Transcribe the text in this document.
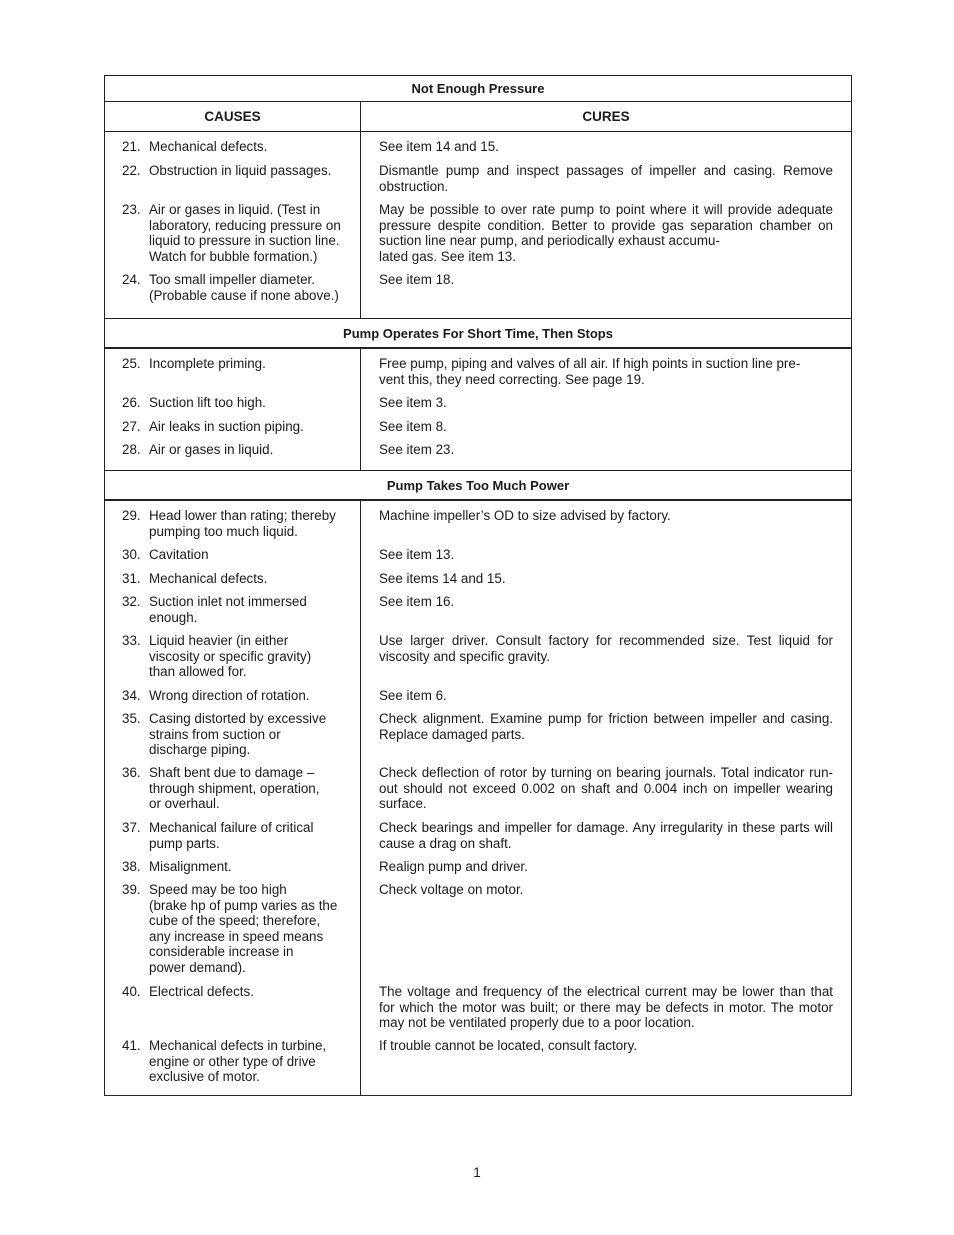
Not Enough Pressure
CAUSES	CURES
21. Mechanical defects.
22. Obstruction in liquid passages.
23. Air or gases in liquid. (Test in
laboratory, reducing pressure on
liquid to pressure in suction line.
Watch for bubble formation.)
24. Too small impeller diameter.
(Probable cause if none above.)
See item 14 and 15.
Dismantle pump and inspect passages of impeller and casing. Remove obstruction.
May be possible to over rate pump to point where it will provide adequate pressure despite condition. Better to provide gas separation chamber on suction line near pump, and periodically exhaust accumu-
lated gas. See item 13.
See item 18.
Pump Operates For Short Time, Then Stops
25. Incomplete priming.
26. Suction lift too high.
27. Air leaks in suction piping.
28. Air or gases in liquid.
Free pump, piping and valves of all air. If high points in suction line pre-
vent this, they need correcting. See page 19.
See item 3.
See item 8.
See item 23.
Pump Takes Too Much Power
29. Head lower than rating; thereby
pumping too much liquid.
30. Cavitation
31. Mechanical defects.
32. Suction inlet not immersed
enough.
33. Liquid heavier (in either
viscosity or specific gravity)
than allowed for.
34. Wrong direction of rotation.
35. Casing distorted by excessive
strains from suction or
discharge piping.
36. Shaft bent due to damage –
through shipment, operation,
or overhaul.
37. Mechanical failure of critical
pump parts.
38. Misalignment.
39. Speed may be too high
(brake hp of pump varies as the
cube of the speed; therefore,
any increase in speed means
considerable increase in
power demand).
40. Electrical defects.
41. Mechanical defects in turbine,
engine or other type of drive
exclusive of motor.
Machine impeller’s OD to size advised by factory.
See item 13.
See items 14 and 15.
See item 16.
Use larger driver. Consult factory for recommended size. Test liquid for viscosity and specific gravity.
See item 6.
Check alignment. Examine pump for friction between impeller and casing. Replace damaged parts.
Check deflection of rotor by turning on bearing journals. Total indicator run-out should not exceed 0.002 on shaft and 0.004 inch on impeller wearing surface.
Check bearings and impeller for damage. Any irregularity in these parts will cause a drag on shaft.
Realign pump and driver.
Check voltage on motor.
The voltage and frequency of the electrical current may be lower than that for which the motor was built; or there may be defects in motor. The motor may not be ventilated properly due to a poor location.
If trouble cannot be located, consult factory.
1
